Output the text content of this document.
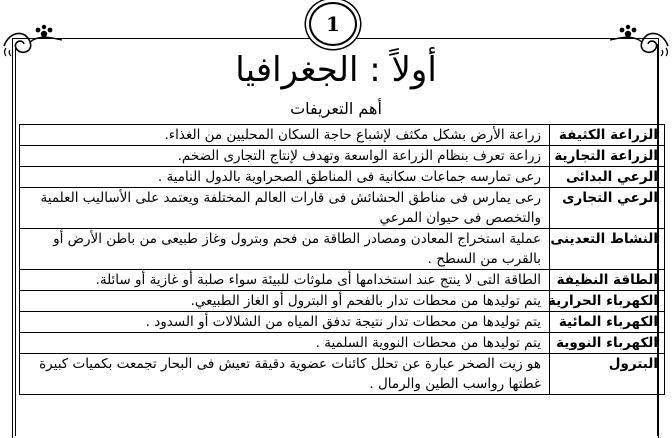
1
أولاً : الجغرافيا
أهم التعريفات
الزراعة الكثيفة	زراعة الأرض بشكل مكثف لإشباع حاجة السكان المحليين من الغذاء.
الزراعة التجارية	زراعة تعرف بنظام الزراعة الواسعة وتهدف لإنتاج التجارى الضخم.
الرعي البدائى	رعى تمارسه جماعات سكانية فى المناطق الصحراوية بالدول النامية .
الرعي التجارى	رعى يمارس فى مناطق الحشائش فى قارات العالم المختلفة ويعتمد على الأساليب العلمية والتخصص فى حيوان المرعي
النشاط التعدينى	عملية استخراج المعادن ومصادر الطاقة من فحم وبترول وغاز طبيعى من باطن الأرض أو بالقرب من السطح .
الطاقة النظيفة	الطاقة التى لا ينتج عند استخدامها أى ملوثات للبيئة سواء صلبة أو غازية أو سائلة.
الكهرباء الحرارية	يتم توليدها من محطات تدار بالفحم أو البترول أو الغاز الطبيعي.
الكهرباء المائية	يتم توليدها من محطات تدار نتيجة تدفق المياه من الشلالات أو السدود .
الكهرباء النووية	يتم توليدها من محطات النووية السلمية .
البترول	هو زيت الصخر عبارة عن تحلل كائنات عضوية دقيقة تعيش فى البحار تجمعت بكميات كبيرة غطتها رواسب الطين والرمال .
